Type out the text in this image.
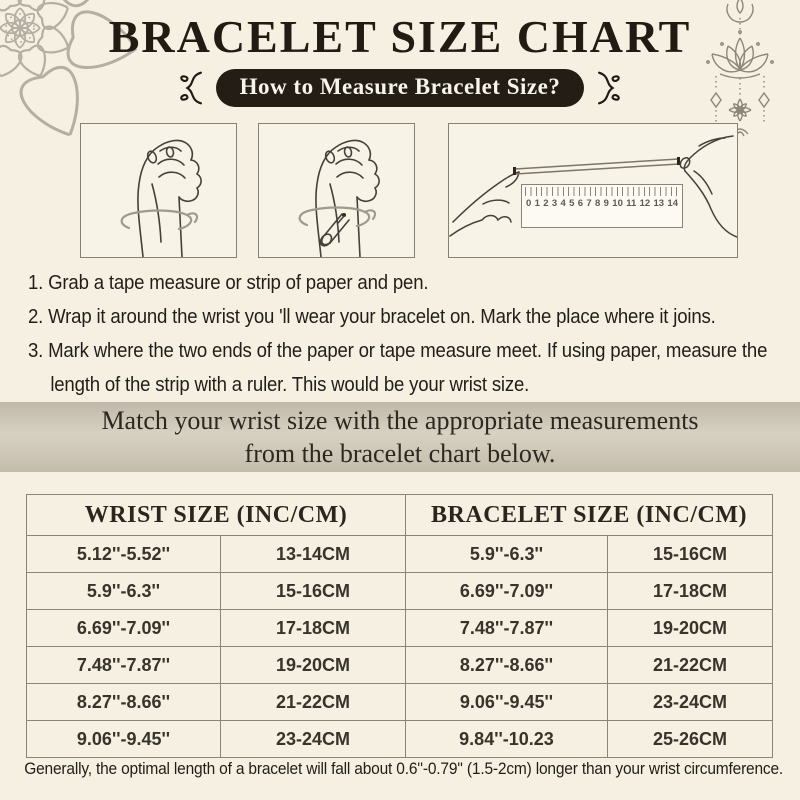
BRACELET SIZE CHART
How to Measure Bracelet Size?
0 1 2 3 4 5 6 7 8 9 10 11 12 13 14
1. Grab a tape measure or strip of paper and pen.
2. Wrap it around the wrist you 'll wear your bracelet on. Mark the place where it joins.
3. Mark where the two ends of the paper or tape measure meet. If using paper, measure the length of the strip with a ruler. This would be your wrist size.
Match your wrist size with the appropriate measurements
from the bracelet chart below.
WRIST SIZE (INC/CM)		BRACELET SIZE (INC/CM)	
5.12''-5.52''	13-14CM	5.9''-6.3''	15-16CM
5.9''-6.3''	15-16CM	6.69''-7.09''	17-18CM
6.69''-7.09''	17-18CM	7.48''-7.87''	19-20CM
7.48''-7.87''	19-20CM	8.27''-8.66''	21-22CM
8.27''-8.66''	21-22CM	9.06''-9.45''	23-24CM
9.06''-9.45''	23-24CM	9.84''-10.23	25-26CM
Generally, the optimal length of a bracelet will fall about 0.6''-0.79'' (1.5-2cm) longer than your wrist circumference.
